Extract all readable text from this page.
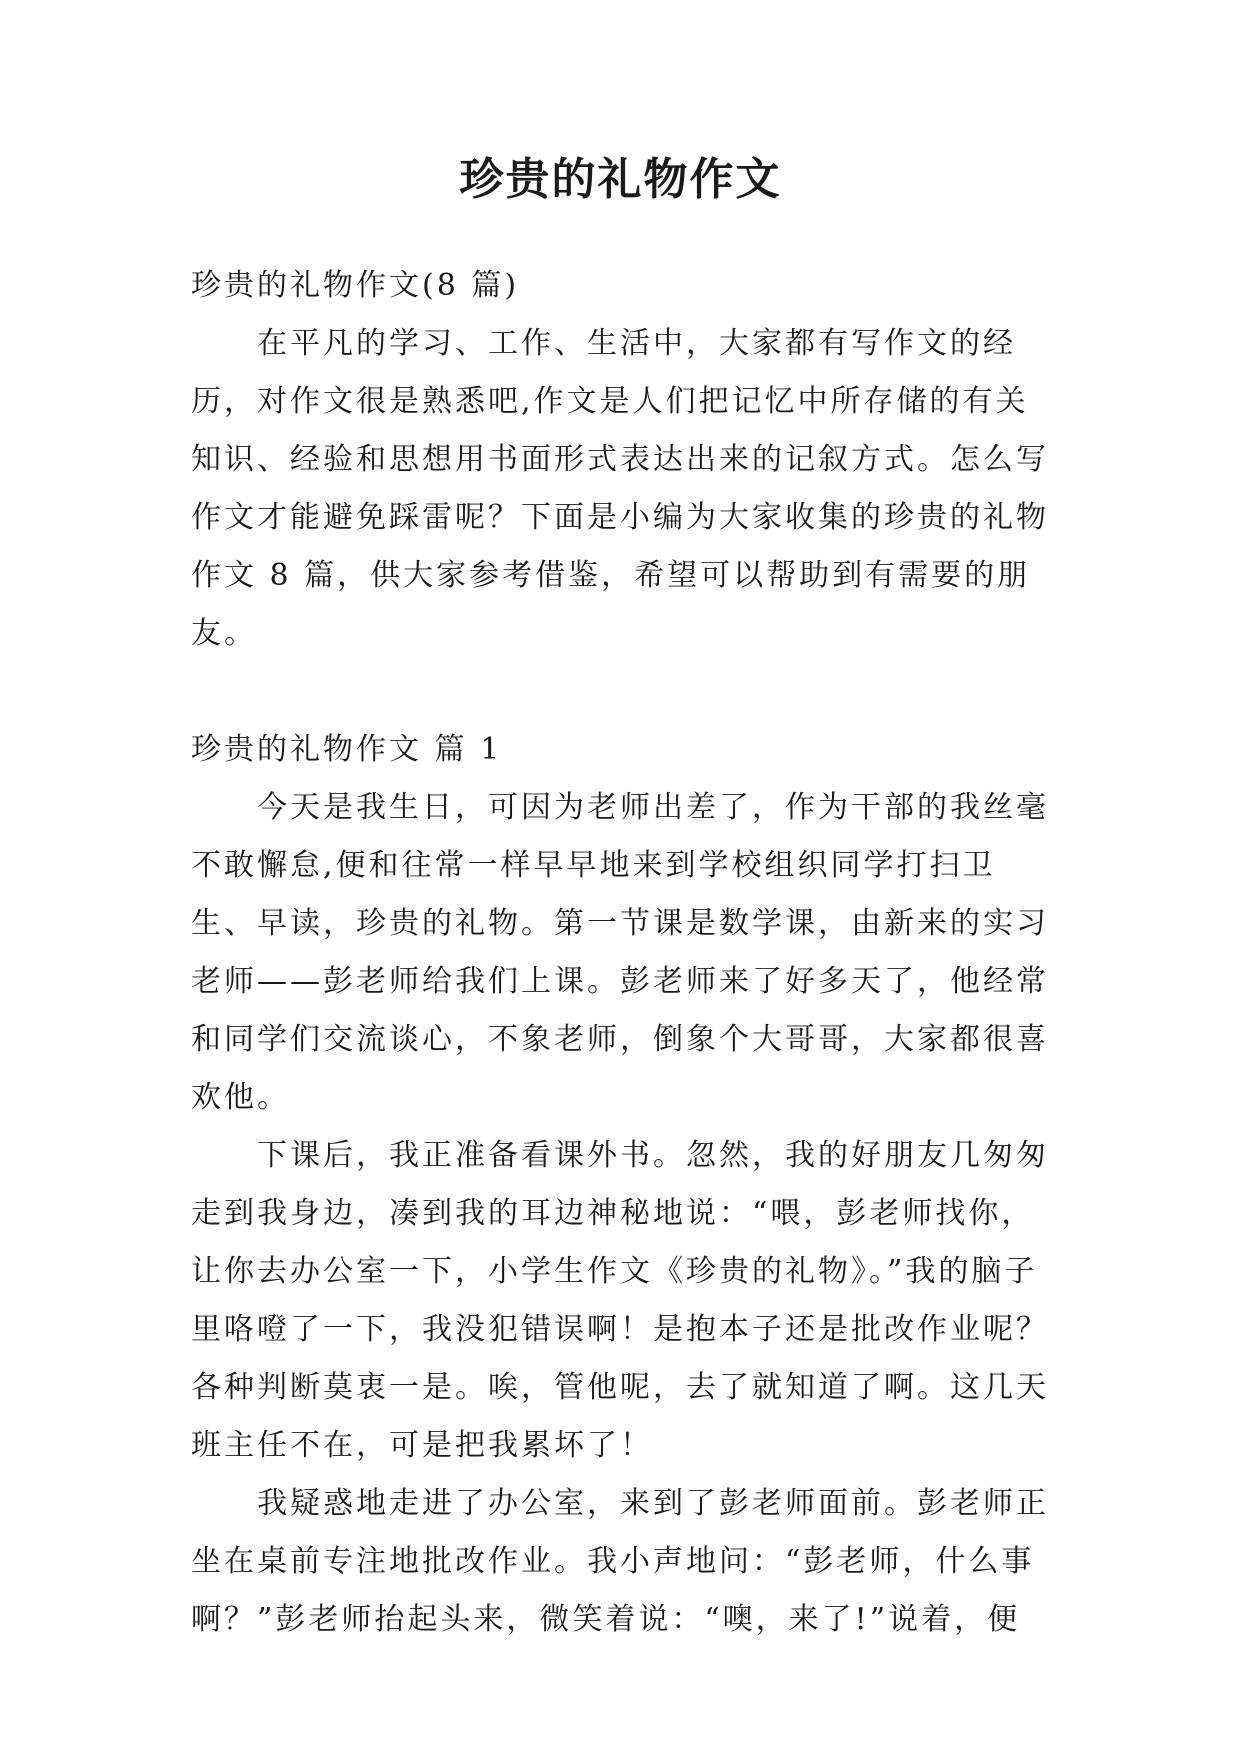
珍贵的礼物作文

珍贵的礼物作文(8 篇)

在平凡的学习、工作、生活中，大家都有写作文的经历，对作文很是熟悉吧,作文是人们把记忆中所存储的有关知识、经验和思想用书面形式表达出来的记叙方式。怎么写作文才能避免踩雷呢？下面是小编为大家收集的珍贵的礼物作文 8 篇，供大家参考借鉴，希望可以帮助到有需要的朋友。

珍贵的礼物作文 篇 1

今天是我生日，可因为老师出差了，作为干部的我丝毫不敢懈怠,便和往常一样早早地来到学校组织同学打扫卫生、早读，珍贵的礼物。第一节课是数学课，由新来的实习老师——彭老师给我们上课。彭老师来了好多天了，他经常和同学们交流谈心，不象老师，倒象个大哥哥，大家都很喜欢他。

下课后，我正准备看课外书。忽然，我的好朋友几匆匆走到我身边，凑到我的耳边神秘地说：“喂，彭老师找你，让你去办公室一下，小学生作文《珍贵的礼物》。”我的脑子里咯噔了一下，我没犯错误啊！是抱本子还是批改作业呢？各种判断莫衷一是。唉，管他呢，去了就知道了啊。这几天班主任不在，可是把我累坏了！

我疑惑地走进了办公室，来到了彭老师面前。彭老师正坐在桌前专注地批改作业。我小声地问：“彭老师，什么事啊？”彭老师抬起头来，微笑着说：“噢，来了!”说着，便
